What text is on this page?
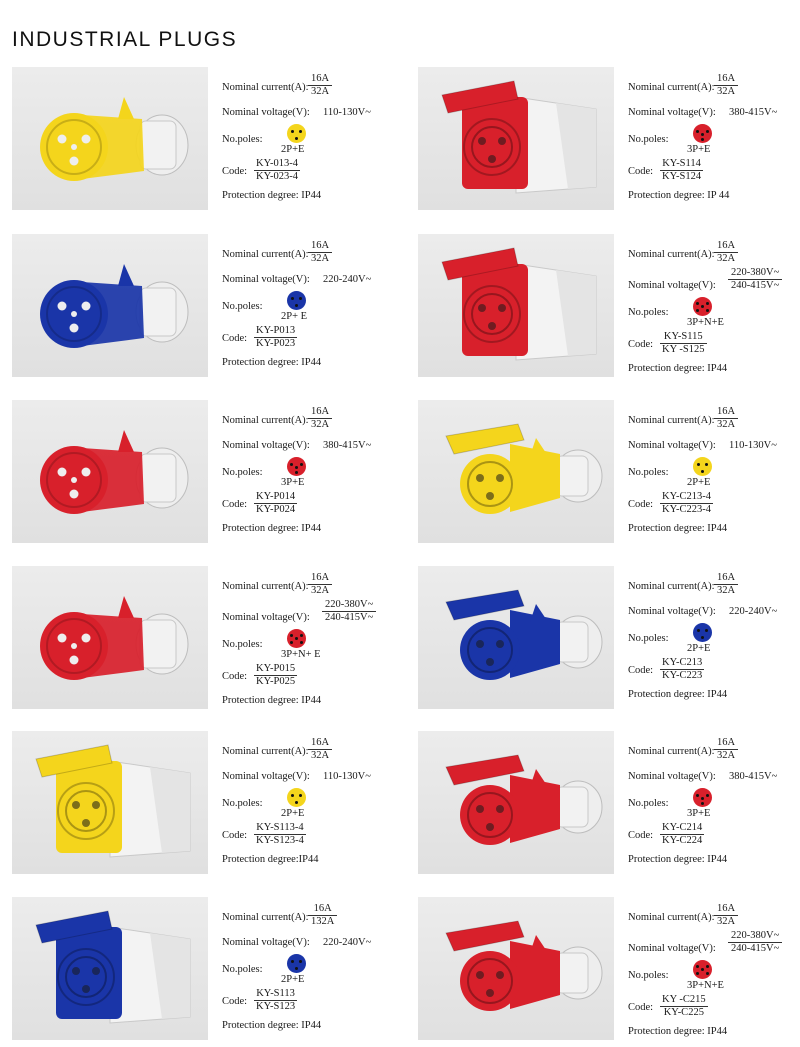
INDUSTRIAL PLUGS
Nominal current(A): $\frac{16A}{32A}$
Nominal voltage(V): 110-130V~
No.poles:
2P+E
Code: $\frac{KY-013-4}{KY-023-4}$
Protection degree: IP44
Nominal current(A): $\frac{16A}{32A}$
Nominal voltage(V): 380-415V~
No.poles:
3P+E
Code: $\frac{KY-S114}{KY-S124}$
Protection degree: IP 44
Nominal current(A): $\frac{16A}{32A}$
Nominal voltage(V): 220-240V~
No.poles:
2P+ E
Code: $\frac{KY-P013}{KY-P023}$
Protection degree: IP44
Nominal current(A): $\frac{16A}{32A}$
Nominal voltage(V): $\frac{220-380V\sim}{240-415V\sim}$
No.poles:
3P+N+E
Code: $\frac{KY-S115}{KY -S125}$
Protection degree: IP44
Nominal current(A): $\frac{16A}{32A}$
Nominal voltage(V): 380-415V~
No.poles:
3P+E
Code: $\frac{KY-P014}{KY-P024}$
Protection degree: IP44
Nominal current(A): $\frac{16A}{32A}$
Nominal voltage(V): 110-130V~
No.poles:
2P+E
Code: $\frac{KY-C213-4}{KY-C223-4}$
Protection degree: IP44
Nominal current(A): $\frac{16A}{32A}$
Nominal voltage(V): $\frac{220-380V\sim}{240-415V\sim}$
No.poles:
3P+N+ E
Code: $\frac{KY-P015}{KY-P025}$
Protection degree: IP44
Nominal current(A): $\frac{16A}{32A}$
Nominal voltage(V): 220-240V~
No.poles:
2P+E
Code: $\frac{KY-C213}{KY-C223}$
Protection degree: IP44
Nominal current(A): $\frac{16A}{32A}$
Nominal voltage(V): 110-130V~
No.poles:
2P+E
Code: $\frac{KY-S113-4}{KY-S123-4}$
Protection degree:IP44
Nominal current(A): $\frac{16A}{32A}$
Nominal voltage(V): 380-415V~
No.poles:
3P+E
Code: $\frac{KY-C214}{KY-C224}$
Protection degree: IP44
Nominal current(A): $\frac{16A}{132A}$
Nominal voltage(V): 220-240V~
No.poles:
2P+E
Code: $\frac{KY-S113}{KY-S123}$
Protection degree: IP44
Nominal current(A): $\frac{16A}{32A}$
Nominal voltage(V): $\frac{220-380V\sim}{240-415V\sim}$
No.poles:
3P+N+E
Code: $\frac{KY -C215}{KY-C225}$
Protection degree: IP44
